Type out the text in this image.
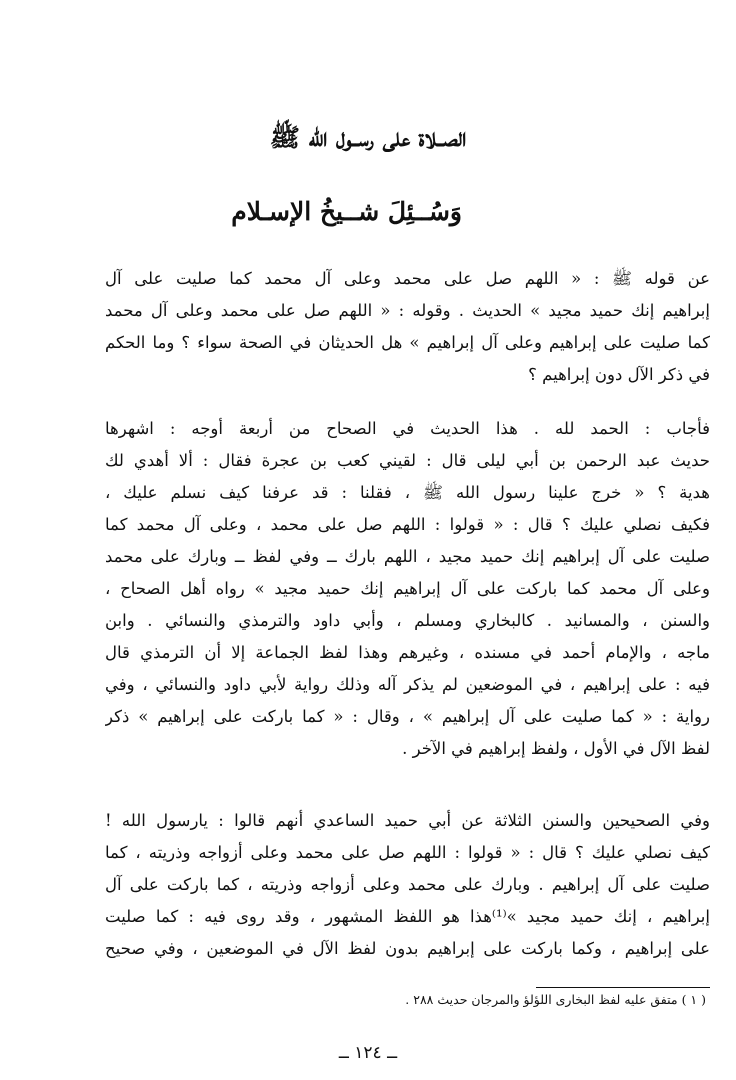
الصــلاة على رســول الله ﷺ
وَسُــئِلَ شــيخُ الإسـلام
عن قوله ﷺ : « اللهم صل على محمد وعلى آل محمد كما صليت على آل
إبراهيم إنك حميد مجيد » الحديث . وقوله : « اللهم صل على محمد وعلى آل محمد
كما صليت على إبراهيم وعلى آل إبراهيم » هل الحديثان في الصحة سواء ؟ وما الحكم
في ذكر الآل دون إبراهيم ؟
فأجاب : الحمد لله . هذا الحديث في الصحاح من أربعة أوجه : اشهرها
حديث عبد الرحمن بن أبي ليلى قال : لقيني كعب بن عجرة فقال : ألا أهدي لك
هدية ؟ « خرج علينا رسول الله ﷺ ، فقلنا : قد عرفنا كيف نسلم عليك ،
فكيف نصلي عليك ؟ قال : « قولوا : اللهم صل على محمد ، وعلى آل محمد كما
صليت على آل إبراهيم إنك حميد مجيد ، اللهم بارك ــ وفي لفظ ــ وبارك على محمد
وعلى آل محمد كما باركت على آل إبراهيم إنك حميد مجيد » رواه أهل الصحاح ،
والسنن ، والمسانيد . كالبخاري ومسلم ، وأبي داود والترمذي والنسائي . وابن
ماجه ، والإمام أحمد في مسنده ، وغيرهم وهذا لفظ الجماعة إلا أن الترمذي قال
فيه : على إبراهيم ، في الموضعين لم يذكر آله وذلك رواية لأبي داود والنسائي ، وفي
رواية : « كما صليت على آل إبراهيم » ، وقال : « كما باركت على إبراهيم » ذكر
لفظ الآل في الأول ، ولفظ إبراهيم في الآخر .
وفي الصحيحين والسنن الثلاثة عن أبي حميد الساعدي أنهم قالوا : يارسول الله !
كيف نصلي عليك ؟ قال : « قولوا : اللهم صل على محمد وعلى أزواجه وذريته ، كما
صليت على آل إبراهيم . وبارك على محمد وعلى أزواجه وذريته ، كما باركت على آل
إبراهيم ، إنك حميد مجيد »⁽¹⁾هذا هو اللفظ المشهور ، وقد روى فيه : كما صليت
على إبراهيم ، وكما باركت على إبراهيم بدون لفظ الآل في الموضعين ، وفي صحيح
( ١ ) متفق عليه لفظ البخارى اللؤلؤ والمرجان حديث ٢٨٨ .
ــ ١٢٤ ــ
